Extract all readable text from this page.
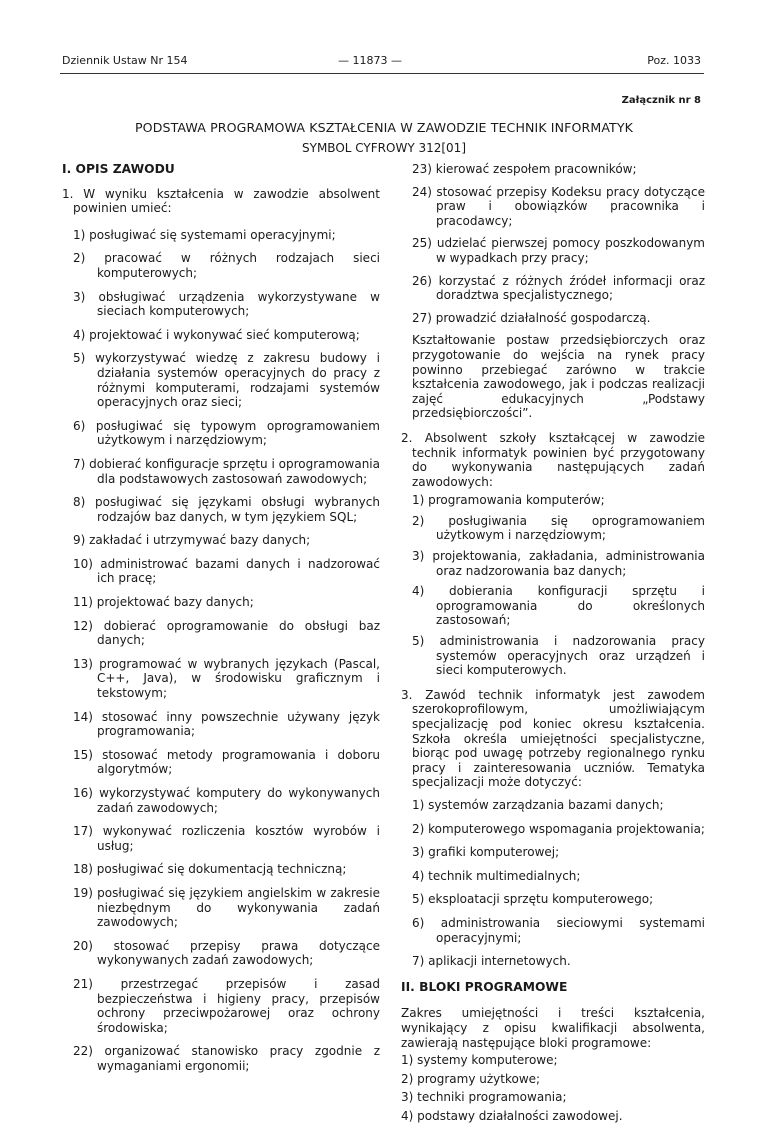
Dziennik Ustaw Nr 154	— 11873 —	Poz. 1033
Załącznik nr 8
PODSTAWA PROGRAMOWA KSZTAŁCENIA W ZAWODZIE TECHNIK INFORMATYK
SYMBOL CYFROWY 312[01]

I. OPIS ZAWODU

1. W wyniku kształcenia w zawodzie absolwent powinien umieć:

1) posługiwać się systemami operacyjnymi;

2) pracować w różnych rodzajach sieci komputerowych;

3) obsługiwać urządzenia wykorzystywane w sieciach komputerowych;

4) projektować i wykonywać sieć komputerową;

5) wykorzystywać wiedzę z zakresu budowy i działania systemów operacyjnych do pracy z różnymi komputerami, rodzajami systemów operacyjnych oraz sieci;

6) posługiwać się typowym oprogramowaniem użytkowym i narzędziowym;

7) dobierać konfiguracje sprzętu i oprogramowania dla podstawowych zastosowań zawodowych;

8) posługiwać się językami obsługi wybranych rodzajów baz danych, w tym językiem SQL;

9) zakładać i utrzymywać bazy danych;

10) administrować bazami danych i nadzorować ich pracę;

11) projektować bazy danych;

12) dobierać oprogramowanie do obsługi baz danych;

13) programować w wybranych językach (Pascal, C++, Java), w środowisku graficznym i tekstowym;

14) stosować inny powszechnie używany język programowania;

15) stosować metody programowania i doboru algorytmów;

16) wykorzystywać komputery do wykonywanych zadań zawodowych;

17) wykonywać rozliczenia kosztów wyrobów i usług;

18) posługiwać się dokumentacją techniczną;

19) posługiwać się językiem angielskim w zakresie niezbędnym do wykonywania zadań zawodowych;

20) stosować przepisy prawa dotyczące wykonywanych zadań zawodowych;

21) przestrzegać przepisów i zasad bezpieczeństwa i higieny pracy, przepisów ochrony przeciwpożarowej oraz ochrony środowiska;

22) organizować stanowisko pracy zgodnie z wymaganiami ergonomii;

23) kierować zespołem pracowników;

24) stosować przepisy Kodeksu pracy dotyczące praw i obowiązków pracownika i pracodawcy;

25) udzielać pierwszej pomocy poszkodowanym w wypadkach przy pracy;

26) korzystać z różnych źródeł informacji oraz doradztwa specjalistycznego;

27) prowadzić działalność gospodarczą.

Kształtowanie postaw przedsiębiorczych oraz przygotowanie do wejścia na rynek pracy powinno przebiegać zarówno w trakcie kształcenia zawodowego, jak i podczas realizacji zajęć edukacyjnych „Podstawy przedsiębiorczości”.

2. Absolwent szkoły kształcącej w zawodzie technik informatyk powinien być przygotowany do wykonywania następujących zadań zawodowych:

1) programowania komputerów;

2) posługiwania się oprogramowaniem użytkowym i narzędziowym;

3) projektowania, zakładania, administrowania oraz nadzorowania baz danych;

4) dobierania konfiguracji sprzętu i oprogramowania do określonych zastosowań;

5) administrowania i nadzorowania pracy systemów operacyjnych oraz urządzeń i sieci komputerowych.

3. Zawód technik informatyk jest zawodem szerokoprofilowym, umożliwiającym specjalizację pod koniec okresu kształcenia. Szkoła określa umiejętności specjalistyczne, biorąc pod uwagę potrzeby regionalnego rynku pracy i zainteresowania uczniów. Tematyka specjalizacji może dotyczyć:

1) systemów zarządzania bazami danych;

2) komputerowego wspomagania projektowania;

3) grafiki komputerowej;

4) technik multimedialnych;

5) eksploatacji sprzętu komputerowego;

6) administrowania sieciowymi systemami operacyjnymi;

7) aplikacji internetowych.

II. BLOKI PROGRAMOWE

Zakres umiejętności i treści kształcenia, wynikający z opisu kwalifikacji absolwenta, zawierają następujące bloki programowe:

1) systemy komputerowe;

2) programy użytkowe;

3) techniki programowania;

4) podstawy działalności zawodowej.
